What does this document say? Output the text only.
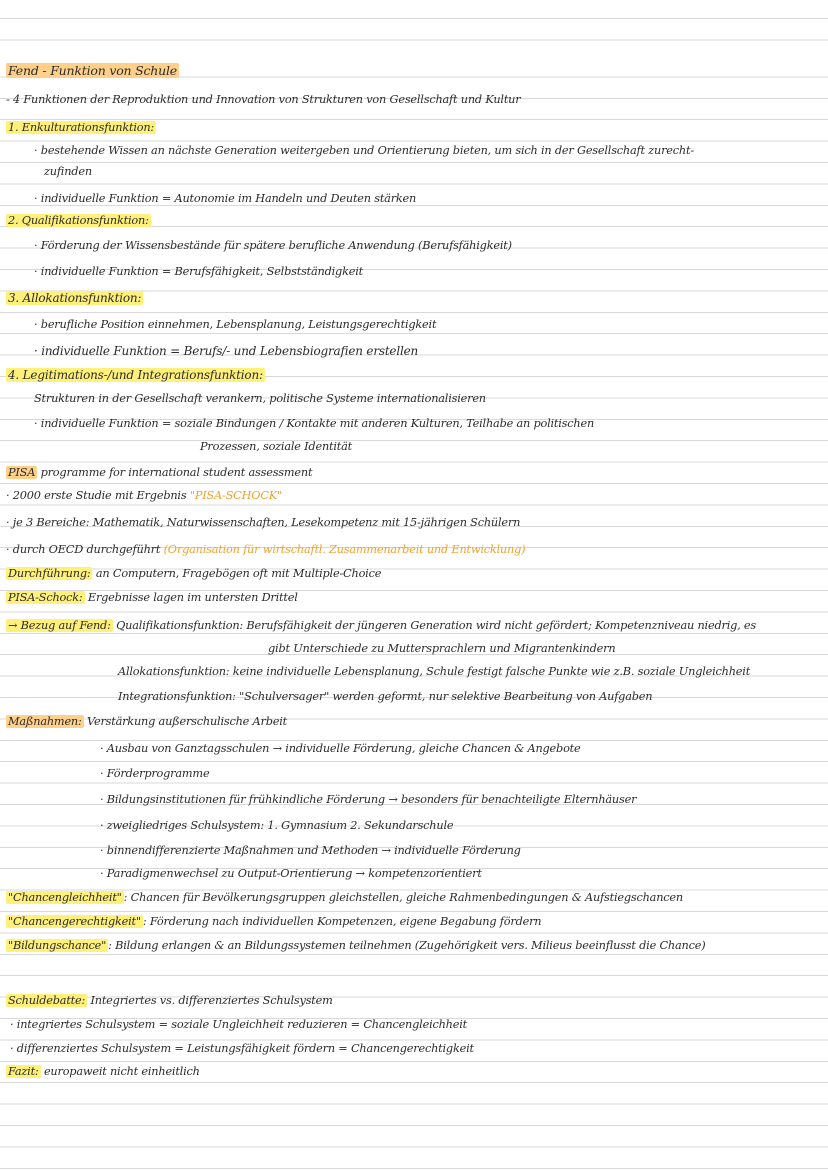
Fend - Funktion von Schule
- 4 Funktionen der Reproduktion und Innovation von Strukturen von Gesellschaft und Kultur
1. Enkulturationsfunktion:
· bestehende Wissen an nächste Generation weitergeben und Orientierung bieten, um sich in der Gesellschaft zurecht-
zufinden
· individuelle Funktion = Autonomie im Handeln und Deuten stärken
2. Qualifikationsfunktion:
· Förderung der Wissensbestände für spätere berufliche Anwendung (Berufsfähigkeit)
· individuelle Funktion = Berufsfähigkeit, Selbstständigkeit
3. Allokationsfunktion:
· berufliche Position einnehmen, Lebensplanung, Leistungsgerechtigkeit
· individuelle Funktion = Berufs/- und Lebensbiografien erstellen
4. Legitimations-/und Integrationsfunktion:
Strukturen in der Gesellschaft verankern, politische Systeme internationalisieren
· individuelle Funktion = soziale Bindungen / Kontakte mit anderen Kulturen, Teilhabe an politischen
Prozessen, soziale Identität
PISA programme for international student assessment
· 2000 erste Studie mit Ergebnis "PISA-SCHOCK"
· je 3 Bereiche: Mathematik, Naturwissenschaften, Lesekompetenz mit 15-jährigen Schülern
· durch OECD durchgeführt (Organisation für wirtschaftl. Zusammenarbeit und Entwicklung)
Durchführung: an Computern, Fragebögen oft mit Multiple-Choice
PISA-Schock: Ergebnisse lagen im untersten Drittel
→ Bezug auf Fend: Qualifikationsfunktion: Berufsfähigkeit der jüngeren Generation wird nicht gefördert; Kompetenzniveau niedrig, es
gibt Unterschiede zu Muttersprachlern und Migrantenkindern
Allokationsfunktion: keine individuelle Lebensplanung, Schule festigt falsche Punkte wie z.B. soziale Ungleichheit
Integrationsfunktion: "Schulversager" werden geformt, nur selektive Bearbeitung von Aufgaben
Maßnahmen: Verstärkung außerschulische Arbeit
· Ausbau von Ganztagsschulen → individuelle Förderung, gleiche Chancen & Angebote
· Förderprogramme
· Bildungsinstitutionen für frühkindliche Förderung → besonders für benachteiligte Elternhäuser
· zweigliedriges Schulsystem: 1. Gymnasium 2. Sekundarschule
· binnendifferenzierte Maßnahmen und Methoden → individuelle Förderung
· Paradigmenwechsel zu Output-Orientierung → kompetenzorientiert
"Chancengleichheit" : Chancen für Bevölkerungsgruppen gleichstellen, gleiche Rahmenbedingungen & Aufstiegschancen
"Chancengerechtigkeit" : Förderung nach individuellen Kompetenzen, eigene Begabung fördern
"Bildungschance" : Bildung erlangen & an Bildungssystemen teilnehmen (Zugehörigkeit vers. Milieus beeinflusst die Chance)
Schuldebatte: Integriertes vs. differenziertes Schulsystem
· integriertes Schulsystem = soziale Ungleichheit reduzieren = Chancengleichheit
· differenziertes Schulsystem = Leistungsfähigkeit fördern = Chancengerechtigkeit
Fazit: europaweit nicht einheitlich
